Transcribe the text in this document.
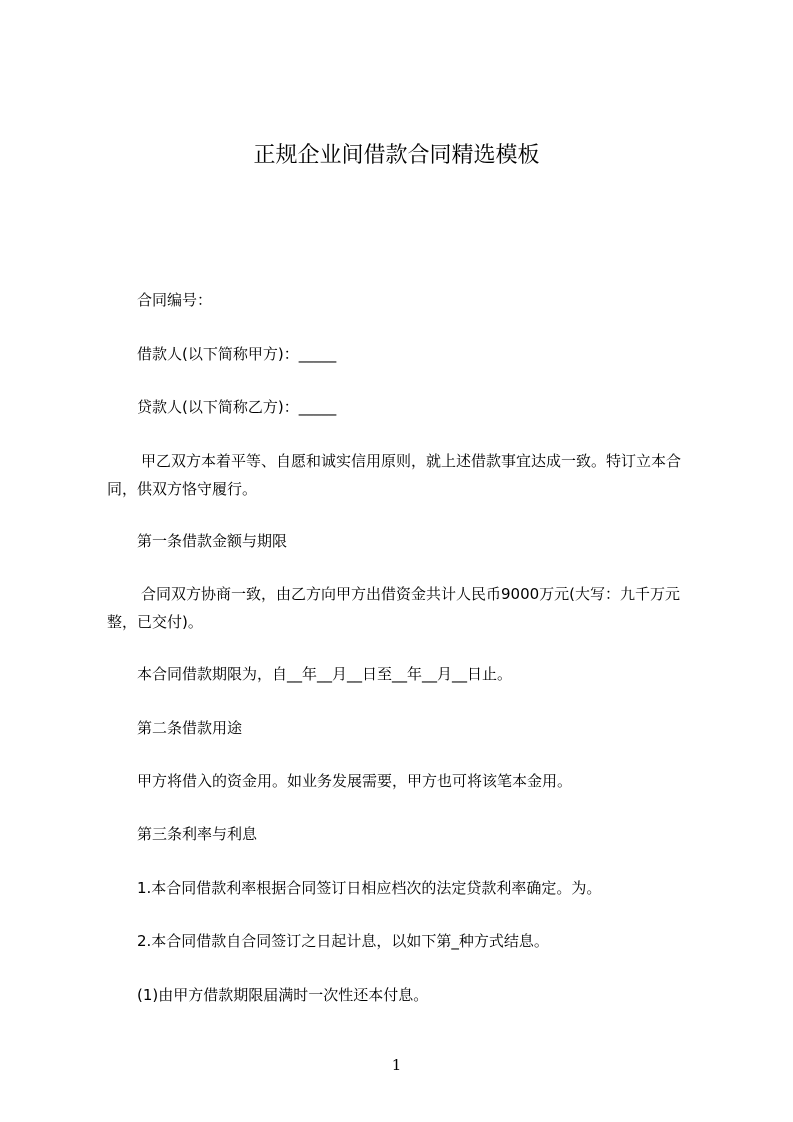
正规企业间借款合同精选模板
合同编号：
借款人(以下简称甲方)：_____
贷款人(以下简称乙方)：_____
甲乙双方本着平等、自愿和诚实信用原则，就上述借款事宜达成一致。特订立本合同，供双方恪守履行。
第一条借款金额与期限
合同双方协商一致，由乙方向甲方出借资金共计人民币9000万元(大写：九千万元整，已交付)。
本合同借款期限为，自__年__月__日至__年__月__日止。
第二条借款用途
甲方将借入的资金用。如业务发展需要，甲方也可将该笔本金用。
第三条利率与利息
1.本合同借款利率根据合同签订日相应档次的法定贷款利率确定。为。
2.本合同借款自合同签订之日起计息，以如下第_种方式结息。
(1)由甲方借款期限届满时一次性还本付息。
1
